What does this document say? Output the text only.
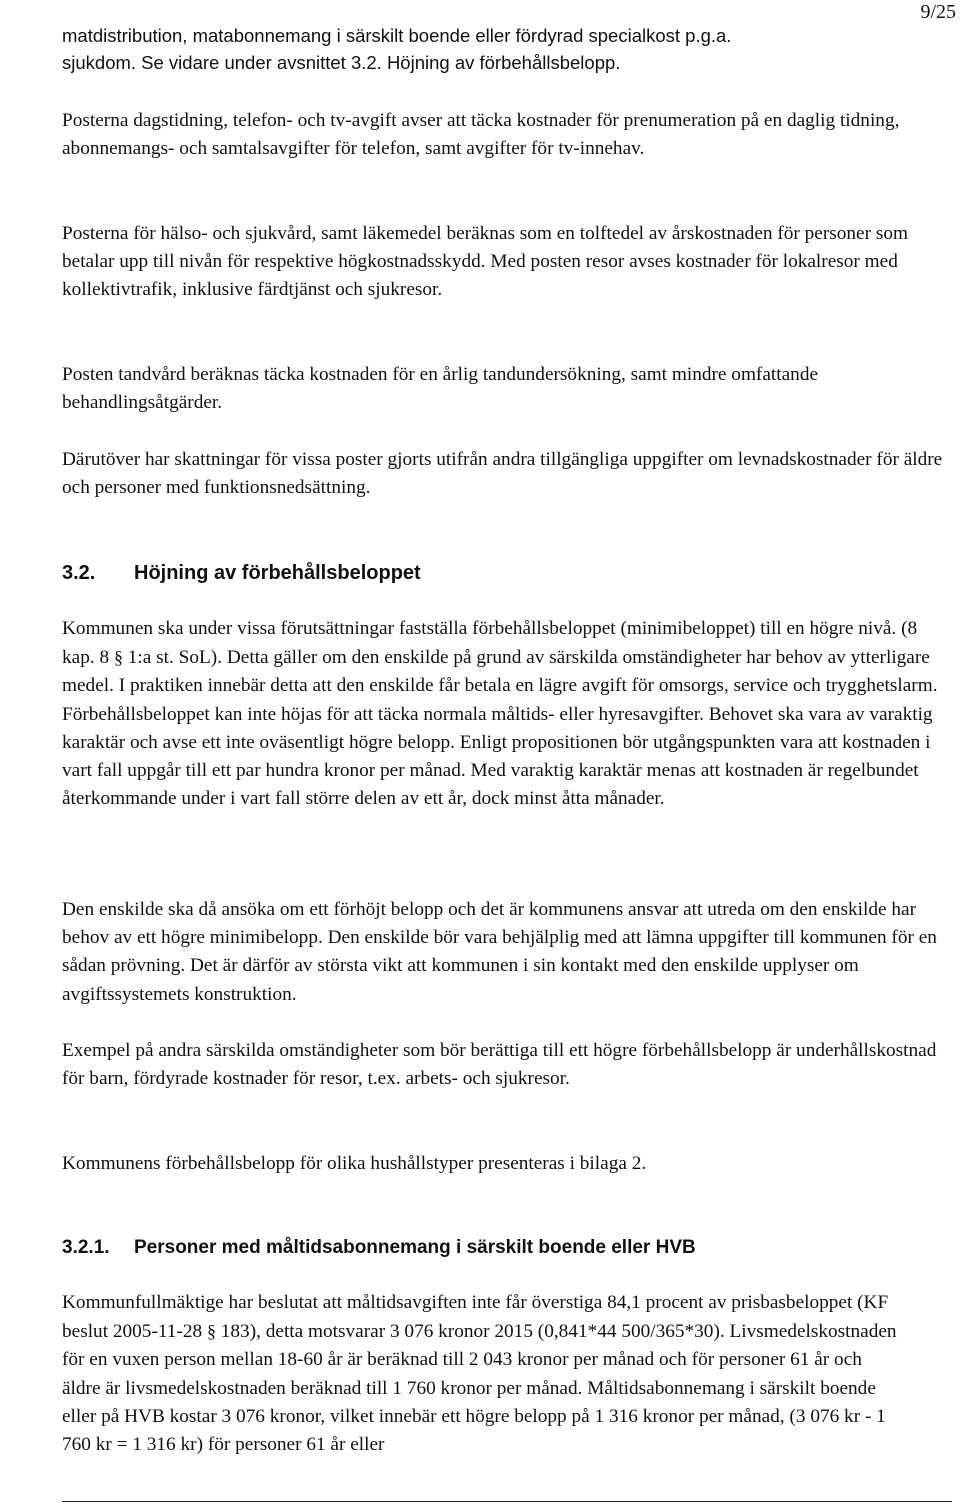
9/25
matdistribution, matabonnemang i särskilt boende eller fördyrad specialkost p.g.a.
sjukdom. Se vidare under avsnittet 3.2. Höjning av förbehållsbelopp.

Posterna dagstidning, telefon- och tv-avgift avser att täcka kostnader för prenumeration på en daglig tidning, abonnemangs- och samtalsavgifter för telefon, samt avgifter för tv-innehav.

Posterna för hälso- och sjukvård, samt läkemedel beräknas som en tolftedel av årskostnaden för personer som betalar upp till nivån för respektive högkostnadsskydd. Med posten resor avses kostnader för lokalresor med kollektivtrafik, inklusive färdtjänst och sjukresor.

Posten tandvård beräknas täcka kostnaden för en årlig tandundersökning, samt mindre omfattande behandlingsåtgärder.

Därutöver har skattningar för vissa poster gjorts utifrån andra tillgängliga uppgifter om levnadskostnader för äldre och personer med funktionsnedsättning.

3.2. Höjning av förbehållsbeloppet

Kommunen ska under vissa förutsättningar fastställa förbehållsbeloppet (minimibeloppet) till en högre nivå. (8 kap. 8 § 1:a st. SoL). Detta gäller om den enskilde på grund av särskilda omständigheter har behov av ytterligare medel. I praktiken innebär detta att den enskilde får betala en lägre avgift för omsorgs, service och trygghetslarm. Förbehållsbeloppet kan inte höjas för att täcka normala måltids- eller hyresavgifter. Behovet ska vara av varaktig karaktär och avse ett inte oväsentligt högre belopp. Enligt propositionen bör utgångspunkten vara att kostnaden i vart fall uppgår till ett par hundra kronor per månad. Med varaktig karaktär menas att kostnaden är regelbundet återkommande under i vart fall större delen av ett år, dock minst åtta månader.

Den enskilde ska då ansöka om ett förhöjt belopp och det är kommunens ansvar att utreda om den enskilde har behov av ett högre minimibelopp. Den enskilde bör vara behjälplig med att lämna uppgifter till kommunen för en sådan prövning. Det är därför av största vikt att kommunen i sin kontakt med den enskilde upplyser om avgiftssystemets konstruktion.

Exempel på andra särskilda omständigheter som bör berättiga till ett högre förbehållsbelopp är underhållskostnad för barn, fördyrade kostnader för resor, t.ex. arbets- och sjukresor.

Kommunens förbehållsbelopp för olika hushållstyper presenteras i bilaga 2.

3.2.1. Personer med måltidsabonnemang i särskilt boende eller HVB

Kommunfullmäktige har beslutat att måltidsavgiften inte får överstiga 84,1 procent av prisbasbeloppet (KF beslut 2005-11-28 § 183), detta motsvarar 3 076 kronor 2015 (0,841*44 500/365*30). Livsmedelskostnaden för en vuxen person mellan 18-60 år är beräknad till 2 043 kronor per månad och för personer 61 år och äldre är livsmedelskostnaden beräknad till 1 760 kronor per månad. Måltidsabonnemang i särskilt boende eller på HVB kostar 3 076 kronor, vilket innebär ett högre belopp på 1 316 kronor per månad, (3 076 kr - 1 760 kr = 1 316 kr) för personer 61 år eller
